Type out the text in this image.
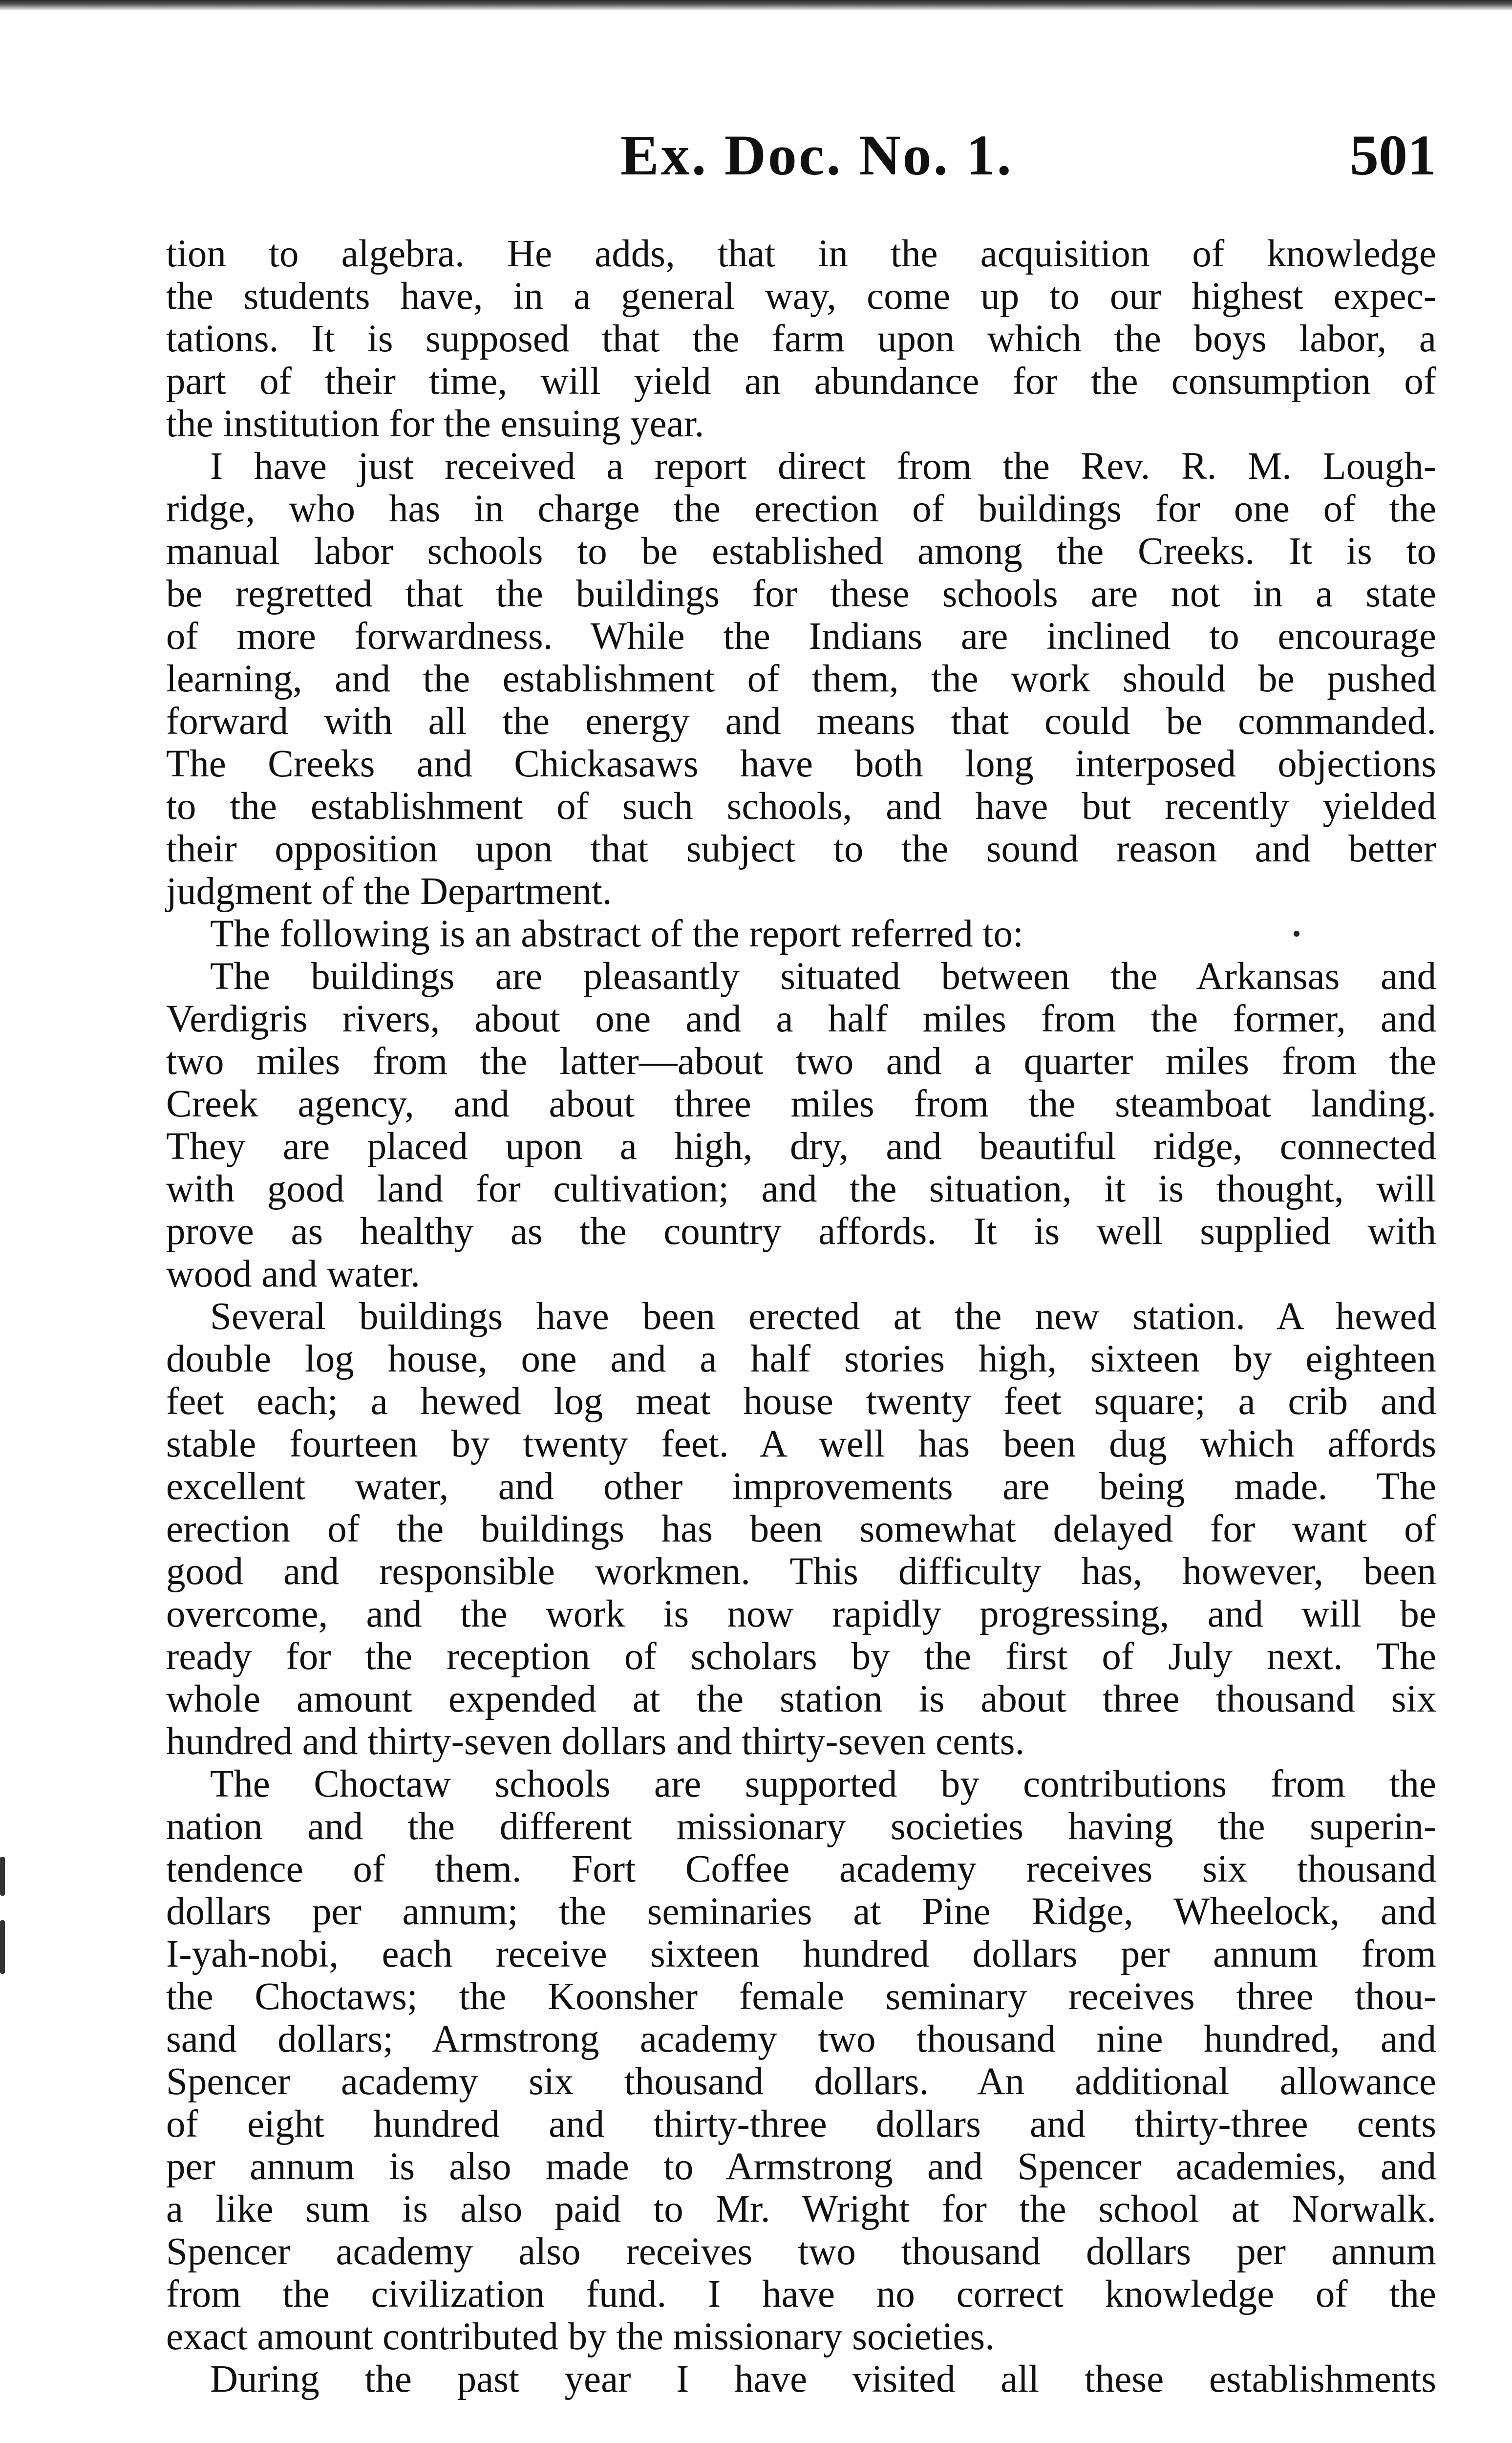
Ex. Doc. No. 1.	501
tion to algebra. He adds, that in the acquisition of knowledge
the students have, in a general way, come up to our highest expec-
tations. It is supposed that the farm upon which the boys labor, a
part of their time, will yield an abundance for the consumption of
the institution for the ensuing year.
I have just received a report direct from the Rev. R. M. Lough-
ridge, who has in charge the erection of buildings for one of the
manual labor schools to be established among the Creeks. It is to
be regretted that the buildings for these schools are not in a state
of more forwardness. While the Indians are inclined to encourage
learning, and the establishment of them, the work should be pushed
forward with all the energy and means that could be commanded.
The Creeks and Chickasaws have both long interposed objections
to the establishment of such schools, and have but recently yielded
their opposition upon that subject to the sound reason and better
judgment of the Department.
The following is an abstract of the report referred to:
The buildings are pleasantly situated between the Arkansas and
Verdigris rivers, about one and a half miles from the former, and
two miles from the latter—about two and a quarter miles from the
Creek agency, and about three miles from the steamboat landing.
They are placed upon a high, dry, and beautiful ridge, connected
with good land for cultivation; and the situation, it is thought, will
prove as healthy as the country affords. It is well supplied with
wood and water.
Several buildings have been erected at the new station. A hewed
double log house, one and a half stories high, sixteen by eighteen
feet each; a hewed log meat house twenty feet square; a crib and
stable fourteen by twenty feet. A well has been dug which affords
excellent water, and other improvements are being made. The
erection of the buildings has been somewhat delayed for want of
good and responsible workmen. This difficulty has, however, been
overcome, and the work is now rapidly progressing, and will be
ready for the reception of scholars by the first of July next. The
whole amount expended at the station is about three thousand six
hundred and thirty-seven dollars and thirty-seven cents.
The Choctaw schools are supported by contributions from the
nation and the different missionary societies having the superin-
tendence of them. Fort Coffee academy receives six thousand
dollars per annum; the seminaries at Pine Ridge, Wheelock, and
I-yah-nobi, each receive sixteen hundred dollars per annum from
the Choctaws; the Koonsher female seminary receives three thou-
sand dollars; Armstrong academy two thousand nine hundred, and
Spencer academy six thousand dollars. An additional allowance
of eight hundred and thirty-three dollars and thirty-three cents
per annum is also made to Armstrong and Spencer academies, and
a like sum is also paid to Mr. Wright for the school at Norwalk.
Spencer academy also receives two thousand dollars per annum
from the civilization fund. I have no correct knowledge of the
exact amount contributed by the missionary societies.
During the past year I have visited all these establishments
